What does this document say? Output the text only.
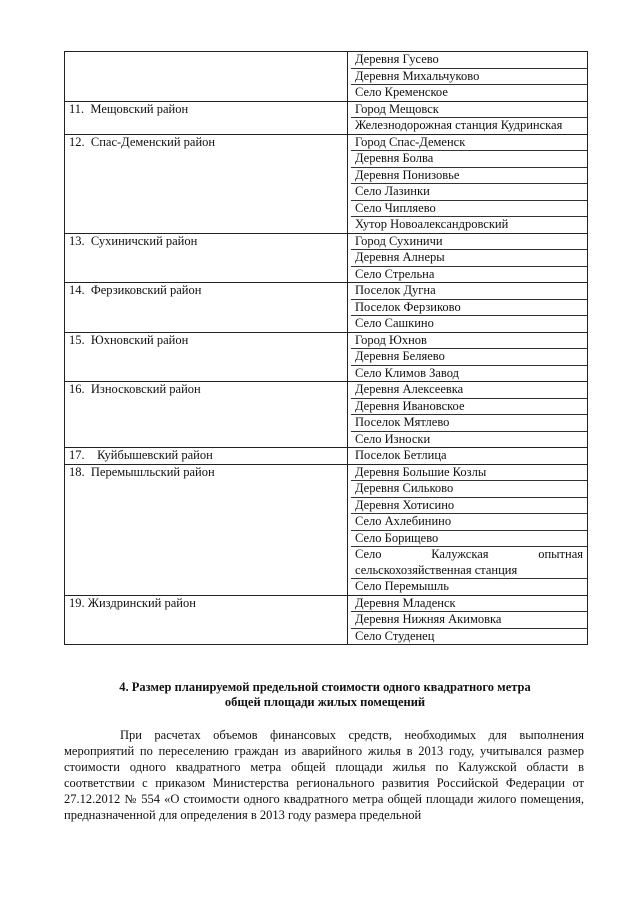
Деревня Гусево
Деревня Михальчуково
Село Кременское
11.  Мещовский район	Город Мещовск
Железнодорожная станция Кудринская
12.  Спас-Деменский район	Город Спас-Деменск
Деревня Болва
Деревня Понизовье
Село Лазинки
Село Чипляево
Хутор Новоалександровский
13.  Сухиничский район	Город Сухиничи
Деревня Алнеры
Село Стрельна
14.  Ферзиковский район	Поселок Дугна
Поселок Ферзиково
Село Сашкино
15.  Юхновский район	Город Юхнов
Деревня Беляево
Село Климов Завод
16.  Износковский район	Деревня Алексеевка
Деревня Ивановское
Поселок Мятлево
Село Износки
17.    Куйбышевский район	Поселок Бетлица
18.  Перемышльский район	Деревня Большие Козлы
Деревня Сильково
Деревня Хотисино
Село Ахлебинино
Село Борищево
Село Калужская опытная сельскохозяйственная станция
Село Перемышль
19. Жиздринский район	Деревня Младенск
Деревня Нижняя Акимовка
Село Студенец
4. Размер планируемой предельной стоимости одного квадратного метра
общей площади жилых помещений
При расчетах объемов финансовых средств, необходимых для выполнения мероприятий по переселению граждан из аварийного жилья в 2013 году, учитывался размер стоимости одного квадратного метра общей площади жилья по Калужской области в соответствии с приказом Министерства регионального развития Российской Федерации от 27.12.2012 № 554 «О стоимости одного квадратного метра общей площади жилого помещения, предназначенной для определения в 2013 году размера предельной
